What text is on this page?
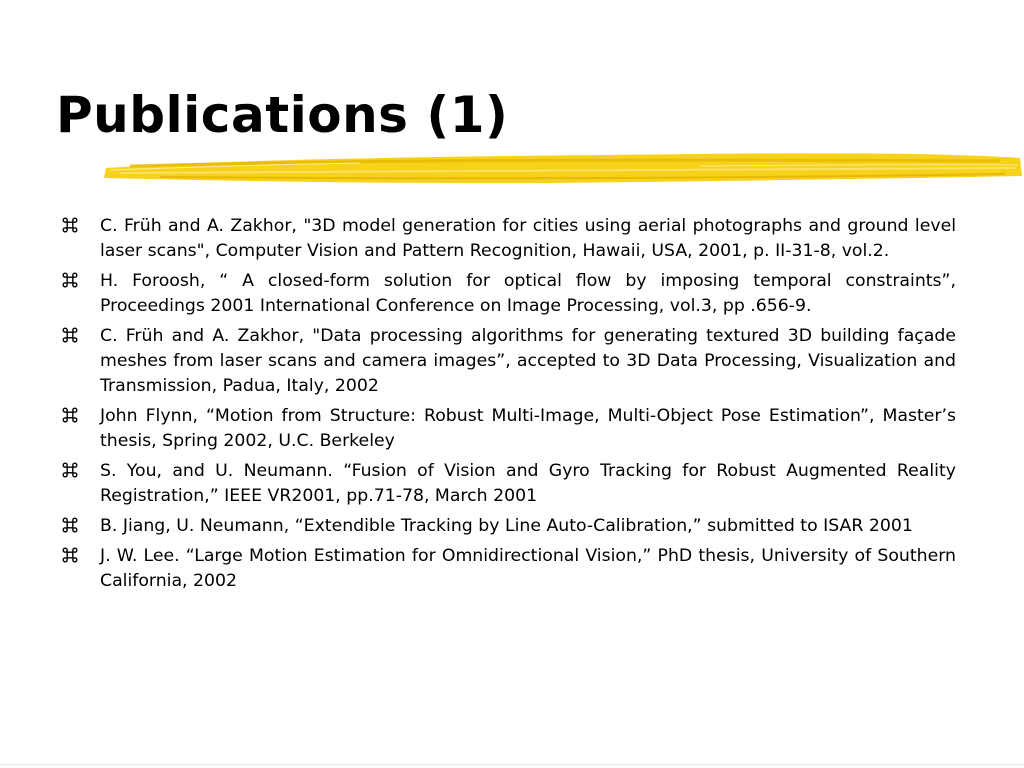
Publications (1)
C. Früh and A. Zakhor, "3D model generation for cities using aerial photographs and ground level laser scans", Computer Vision and Pattern Recognition, Hawaii, USA, 2001, p. II-31-8, vol.2.
H. Foroosh, “ A closed-form solution for optical flow by imposing temporal constraints”, Proceedings 2001 International Conference on Image Processing, vol.3, pp .656-9.
C. Früh and A. Zakhor, "Data processing algorithms for generating textured 3D building façade meshes from laser scans and camera images”, accepted to 3D Data Processing, Visualization and Transmission, Padua, Italy, 2002
John Flynn, “Motion from Structure: Robust Multi-Image, Multi-Object Pose Estimation”, Master’s thesis, Spring 2002, U.C. Berkeley
S. You, and U. Neumann. “Fusion of Vision and Gyro Tracking for Robust Augmented Reality Registration,” IEEE VR2001, pp.71-78, March 2001
B. Jiang, U. Neumann, “Extendible Tracking by Line Auto-Calibration,” submitted to ISAR 2001
J. W. Lee. “Large Motion Estimation for Omnidirectional Vision,” PhD thesis, University of Southern California, 2002
